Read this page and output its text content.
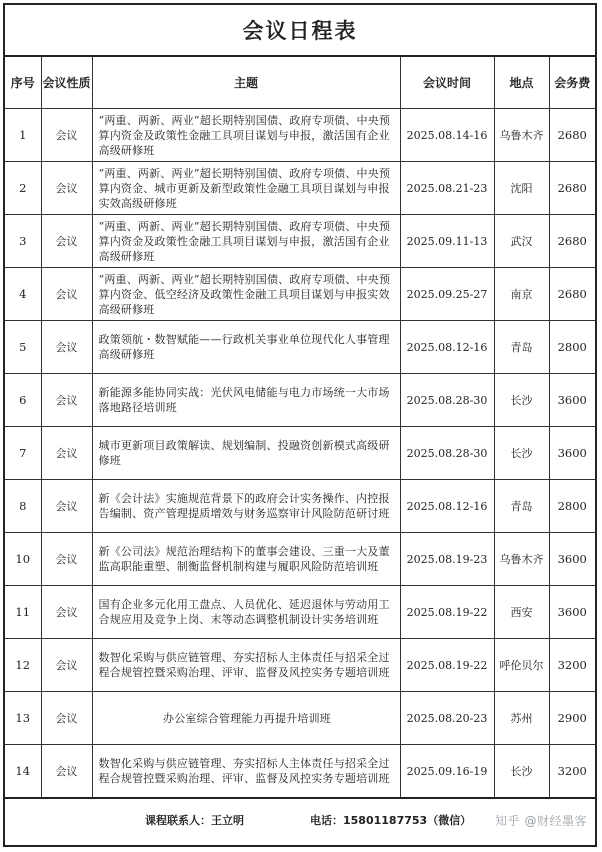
会议日程表
序号	会议性质	主题	会议时间	地点	会务费
1	会议	“两重、两新、两业”超长期特别国债、政府专项债、中央预算内资金及政策性金融工具项目谋划与申报，激活国有企业高级研修班	2025.08.14-16	乌鲁木齐	2680
2	会议	“两重、两新、两业”超长期特别国债、政府专项债、中央预算内资金、城市更新及新型政策性金融工具项目谋划与申报实效高级研修班	2025.08.21-23	沈阳	2680
3	会议	“两重、两新、两业”超长期特别国债、政府专项债、中央预算内资金及政策性金融工具项目谋划与申报，激活国有企业高级研修班	2025.09.11-13	武汉	2680
4	会议	“两重、两新、两业”超长期特别国债、政府专项债、中央预算内资金、低空经济及政策性金融工具项目谋划与申报实效高级研修班	2025.09.25-27	南京	2680
5	会议	政策领航・数智赋能——行政机关事业单位现代化人事管理高级研修班	2025.08.12-16	青岛	2800
6	会议	新能源多能协同实战：光伏风电储能与电力市场统一大市场落地路径培训班	2025.08.28-30	长沙	3600
7	会议	城市更新项目政策解读、规划编制、投融资创新模式高级研修班	2025.08.28-30	长沙	3600
8	会议	新《会计法》实施规范背景下的政府会计实务操作、内控报告编制、资产管理提质增效与财务巡察审计风险防范研讨班	2025.08.12-16	青岛	2800
10	会议	新《公司法》规范治理结构下的董事会建设、三重一大及董监高职能重塑、制衡监督机制构建与履职风险防范培训班	2025.08.19-23	乌鲁木齐	3600
11	会议	国有企业多元化用工盘点、人员优化、延迟退休与劳动用工合规应用及竞争上岗、末等动态调整机制设计实务培训班	2025.08.19-22	西安	3600
12	会议	数智化采购与供应链管理、夯实招标人主体责任与招采全过程合规管控暨采购治理、评审、监督及风控实务专题培训班	2025.08.19-22	呼伦贝尔	3200
13	会议	办公室综合管理能力再提升培训班	2025.08.20-23	苏州	2900
14	会议	数智化采购与供应链管理、夯实招标人主体责任与招采全过程合规管控暨采购治理、评审、监督及风控实务专题培训班	2025.09.16-19	长沙	3200
课程联系人：王立明	电话：15801187753（微信） 知乎 @财经墨客
